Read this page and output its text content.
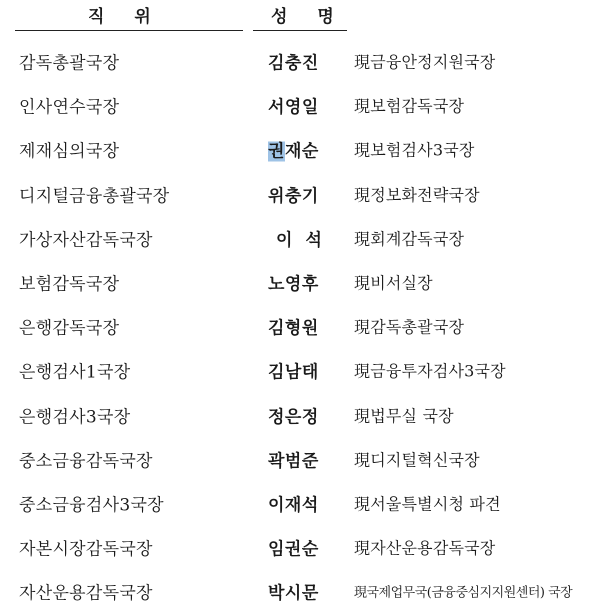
직위	성명
감독총괄국장	김충진 現금융안정지원국장
인사연수국장	서영일 現보험감독국장
제재심의국장	권재순 現보험검사3국장
디지털금융총괄국장	위충기 現정보화전략국장
가상자산감독국장	이석 現회계감독국장
보험감독국장	노영후 現비서실장
은행감독국장	김형원 現감독총괄국장
은행검사1국장	김남태 現금융투자검사3국장
은행검사3국장	정은정 現법무실 국장
중소금융감독국장	곽범준 現디지털혁신국장
중소금융검사3국장	이재석 現서울특별시청 파견
자본시장감독국장	임권순 現자산운용감독국장
자산운용감독국장	박시문	現국제업무국(금융중심지지원센터) 국장
